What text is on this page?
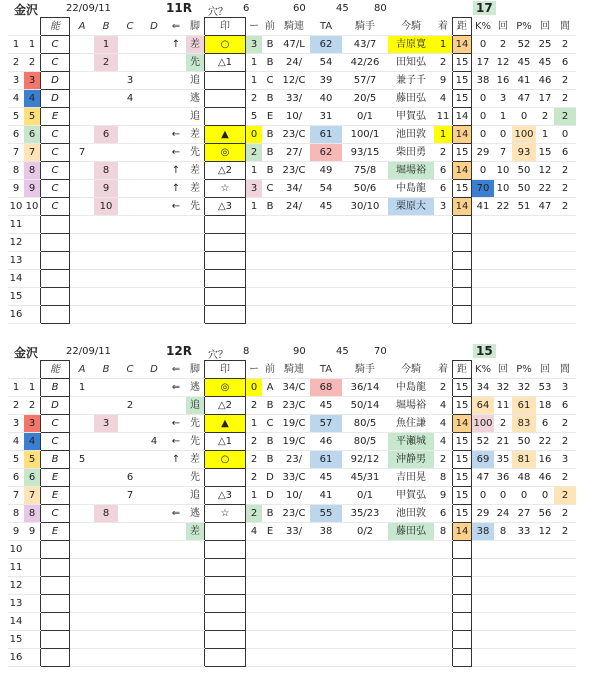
金沢	22/09/11	11R 穴？ 6	60	45	80	17
		能	A	B	C	D	⇐	脚	印	ー	前	騎連	TA	騎手	今騎	着	距	K%	回	P%	回	閭
1	1	C		1			↑	差	○	3	B	47/L	62	43/7	吉原寛	1	14	0	2	52	25	2
2	2	C		2				先	△1	1	B	24/	54	42/26	田知弘	2	15	17	12	45	45	6
3	3	D			3			追		1	C	12/C	39	57/7	兼子千	9	15	38	16	41	46	2
4	4	D			4			逃		2	B	33/	40	20/5	藤田弘	4	15	0	3	47	17	2
5	5	E						追		5	E	10/	31	0/1	甲賀弘	11	14	0	1	0	2	2
6	6	C		6			←	差	▲	0	B	23/C	61	100/1	池田敦	1	14	0	0	100	1	0
7	7	C	7				←	先	◎	2	B	27/	62	93/15	柴田勇	2	15	29	7	93	15	6
8	8	C		8			↑	差	△2	1	B	23/C	49	75/8	堀場裕	6	14	0	10	50	12	2
9	9	C		9			↑	差	☆	3	C	34/	54	50/6	中島龍	6	15	70	10	50	22	2
10	10	C		10			←	先	△3	1	B	24/	45	30/10	栗原大	3	14	41	22	51	47	2
11																						
12																						
13																						
14																						
15																						
16																						
金沢	22/09/11	12R 穴？ 8	90	45	70	15
		能	A	B	C	D	⇐	脚	印	ー	前	騎連	TA	騎手	今騎	着	距	K%	回	P%	回	閭
1	1	B	1				⇐	逃	◎	0	A	34/C	68	36/14	中島龍	2	15	34	32	32	53	3
2	2	D			2			追	△2	2	B	23/C	45	50/14	堀場裕	4	15	64	11	61	18	6
3	3	C		3			←	先	▲	1	C	19/C	57	80/5	魚住謙	4	14	100	2	83	6	2
4	4	C				4	←	先	△1	2	B	19/C	46	80/5	平瀬城	4	15	52	21	50	22	2
5	5	B	5				↑	差	○	2	B	23/	61	92/12	沖静男	2	15	69	35	81	16	3
6	6	E			6			先		2	D	33/C	45	45/31	吉田晃	8	15	47	36	48	46	2
7	7	E			7			追	△3	1	D	10/	41	0/1	甲賀弘	9	15	0	0	0	0	2
8	8	C		8			⇐	逃	☆	2	B	23/C	55	35/23	池田敦	6	15	29	24	27	56	2
9	9	E						差		4	E	33/	38	0/2	藤田弘	8	14	38	8	33	12	2
10																						
11																						
12																						
13																						
14																						
15																						
16																						
